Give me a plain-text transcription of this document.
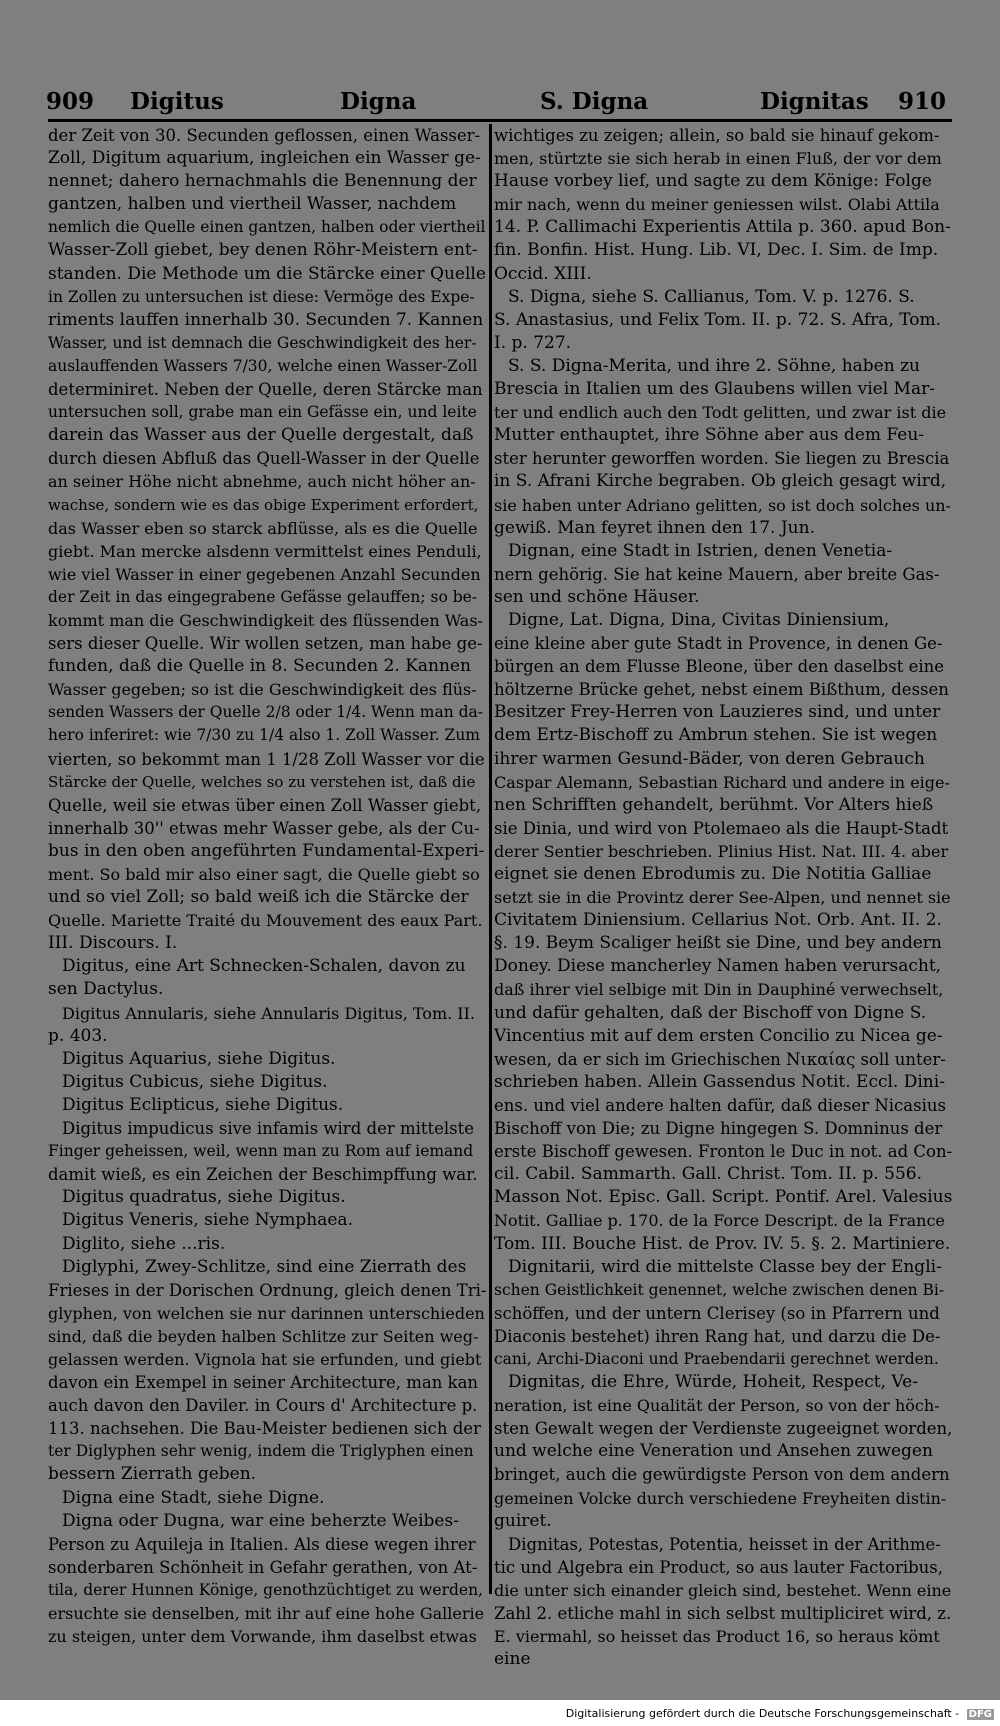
909 Digitus	Digna	S. Digna	Dignitas 910
der Zeit von 30. Secunden geflossen, einen Wasser-
Zoll, Digitum aquarium, ingleichen ein Wasser ge-
nennet; dahero hernachmahls die Benennung der
gantzen, halben und viertheil Wasser, nachdem
nemlich die Quelle einen gantzen, halben oder viertheil
Wasser-Zoll giebet, bey denen Röhr-Meistern ent-
standen. Die Methode um die Stärcke einer Quelle
in Zollen zu untersuchen ist diese: Vermöge des Expe-
riments lauffen innerhalb 30. Secunden 7. Kannen
Wasser, und ist demnach die Geschwindigkeit des her-
auslauffenden Wassers 7/30, welche einen Wasser-Zoll
determiniret. Neben der Quelle, deren Stärcke man
untersuchen soll, grabe man ein Gefässe ein, und leite
darein das Wasser aus der Quelle dergestalt, daß
durch diesen Abfluß das Quell-Wasser in der Quelle
an seiner Höhe nicht abnehme, auch nicht höher an-
wachse, sondern wie es das obige Experiment erfordert,
das Wasser eben so starck abflüsse, als es die Quelle
giebt. Man mercke alsdenn vermittelst eines Penduli,
wie viel Wasser in einer gegebenen Anzahl Secunden
der Zeit in das eingegrabene Gefässe gelauffen; so be-
kommt man die Geschwindigkeit des flüssenden Was-
sers dieser Quelle. Wir wollen setzen, man habe ge-
funden, daß die Quelle in 8. Secunden 2. Kannen
Wasser gegeben; so ist die Geschwindigkeit des flüs-
senden Wassers der Quelle 2/8 oder 1/4. Wenn man da-
hero inferiret: wie 7/30 zu 1/4 also 1. Zoll Wasser. Zum
vierten, so bekommt man 1 1/28 Zoll Wasser vor die
Stärcke der Quelle, welches so zu verstehen ist, daß die
Quelle, weil sie etwas über einen Zoll Wasser giebt,
innerhalb 30'' etwas mehr Wasser gebe, als der Cu-
bus in den oben angeführten Fundamental-Experi-
ment. So bald mir also einer sagt, die Quelle giebt so
und so viel Zoll; so bald weiß ich die Stärcke der
Quelle. Mariette Traité du Mouvement des eaux Part.
III. Discours. I.
Digitus, eine Art Schnecken-Schalen, davon zu
sen Dactylus.
Digitus Annularis, siehe Annularis Digitus, Tom. II.
p. 403.
Digitus Aquarius, siehe Digitus.
Digitus Cubicus, siehe Digitus.
Digitus Eclipticus, siehe Digitus.
Digitus impudicus sive infamis wird der mittelste
Finger geheissen, weil, wenn man zu Rom auf iemand
damit wieß, es ein Zeichen der Beschimpffung war.
Digitus quadratus, siehe Digitus.
Digitus Veneris, siehe Nymphaea.
Diglito, siehe ...ris.
Diglyphi, Zwey-Schlitze, sind eine Zierrath des
Frieses in der Dorischen Ordnung, gleich denen Tri-
glyphen, von welchen sie nur darinnen unterschieden
sind, daß die beyden halben Schlitze zur Seiten weg-
gelassen werden. Vignola hat sie erfunden, und giebt
davon ein Exempel in seiner Architecture, man kan
auch davon den Daviler. in Cours d' Architecture p.
113. nachsehen. Die Bau-Meister bedienen sich der
ter Diglyphen sehr wenig, indem die Triglyphen einen
bessern Zierrath geben.
Digna eine Stadt, siehe Digne.
Digna oder Dugna, war eine beherzte Weibes-
Person zu Aquileja in Italien. Als diese wegen ihrer
sonderbaren Schönheit in Gefahr gerathen, von At-
tila, derer Hunnen Könige, genothzüchtiget zu werden,
ersuchte sie denselben, mit ihr auf eine hohe Gallerie
zu steigen, unter dem Vorwande, ihm daselbst etwas
wichtiges zu zeigen; allein, so bald sie hinauf gekom-
men, stürtzte sie sich herab in einen Fluß, der vor dem
Hause vorbey lief, und sagte zu dem Könige: Folge
mir nach, wenn du meiner geniessen wilst. Olabi Attila
14. P. Callimachi Experientis Attila p. 360. apud Bon-
fin. Bonfin. Hist. Hung. Lib. VI, Dec. I. Sim. de Imp.
Occid. XIII.
S. Digna, siehe S. Callianus, Tom. V. p. 1276. S.
S. Anastasius, und Felix Tom. II. p. 72. S. Afra, Tom.
I. p. 727.
S. S. Digna-Merita, und ihre 2. Söhne, haben zu
Brescia in Italien um des Glaubens willen viel Mar-
ter und endlich auch den Todt gelitten, und zwar ist die
Mutter enthauptet, ihre Söhne aber aus dem Feu-
ster herunter geworffen worden. Sie liegen zu Brescia
in S. Afrani Kirche begraben. Ob gleich gesagt wird,
sie haben unter Adriano gelitten, so ist doch solches un-
gewiß. Man feyret ihnen den 17. Jun.
Dignan, eine Stadt in Istrien, denen Venetia-
nern gehörig. Sie hat keine Mauern, aber breite Gas-
sen und schöne Häuser.
Digne, Lat. Digna, Dina, Civitas Diniensium,
eine kleine aber gute Stadt in Provence, in denen Ge-
bürgen an dem Flusse Bleone, über den daselbst eine
höltzerne Brücke gehet, nebst einem Bißthum, dessen
Besitzer Frey-Herren von Lauzieres sind, und unter
dem Ertz-Bischoff zu Ambrun stehen. Sie ist wegen
ihrer warmen Gesund-Bäder, von deren Gebrauch
Caspar Alemann, Sebastian Richard und andere in eige-
nen Schrifften gehandelt, berühmt. Vor Alters hieß
sie Dinia, und wird von Ptolemaeo als die Haupt-Stadt
derer Sentier beschrieben. Plinius Hist. Nat. III. 4. aber
eignet sie denen Ebrodumis zu. Die Notitia Galliae
setzt sie in die Provintz derer See-Alpen, und nennet sie
Civitatem Diniensium. Cellarius Not. Orb. Ant. II. 2.
§. 19. Beym Scaliger heißt sie Dine, und bey andern
Doney. Diese mancherley Namen haben verursacht,
daß ihrer viel selbige mit Din in Dauphiné verwechselt,
und dafür gehalten, daß der Bischoff von Digne S.
Vincentius mit auf dem ersten Concilio zu Nicea ge-
wesen, da er sich im Griechischen Νικαίας soll unter-
schrieben haben. Allein Gassendus Notit. Eccl. Dini-
ens. und viel andere halten dafür, daß dieser Nicasius
Bischoff von Die; zu Digne hingegen S. Domninus der
erste Bischoff gewesen. Fronton le Duc in not. ad Con-
cil. Cabil. Sammarth. Gall. Christ. Tom. II. p. 556.
Masson Not. Episc. Gall. Script. Pontif. Arel. Valesius
Notit. Galliae p. 170. de la Force Descript. de la France
Tom. III. Bouche Hist. de Prov. IV. 5. §. 2. Martiniere.
Dignitarii, wird die mittelste Classe bey der Engli-
schen Geistlichkeit genennet, welche zwischen denen Bi-
schöffen, und der untern Clerisey (so in Pfarrern und
Diaconis bestehet) ihren Rang hat, und darzu die De-
cani, Archi-Diaconi und Praebendarii gerechnet werden.
Dignitas, die Ehre, Würde, Hoheit, Respect, Ve-
neration, ist eine Qualität der Person, so von der höch-
sten Gewalt wegen der Verdienste zugeeignet worden,
und welche eine Veneration und Ansehen zuwegen
bringet, auch die gewürdigste Person von dem andern
gemeinen Volcke durch verschiedene Freyheiten distin-
guiret.
Dignitas, Potestas, Potentia, heisset in der Arithme-
tic und Algebra ein Product, so aus lauter Factoribus,
die unter sich einander gleich sind, bestehet. Wenn eine
Zahl 2. etliche mahl in sich selbst multipliciret wird, z.
E. viermahl, so heisset das Product 16, so heraus kömt
eine
Digitalisierung gefördert durch die Deutsche Forschungsgemeinschaft - DFG
